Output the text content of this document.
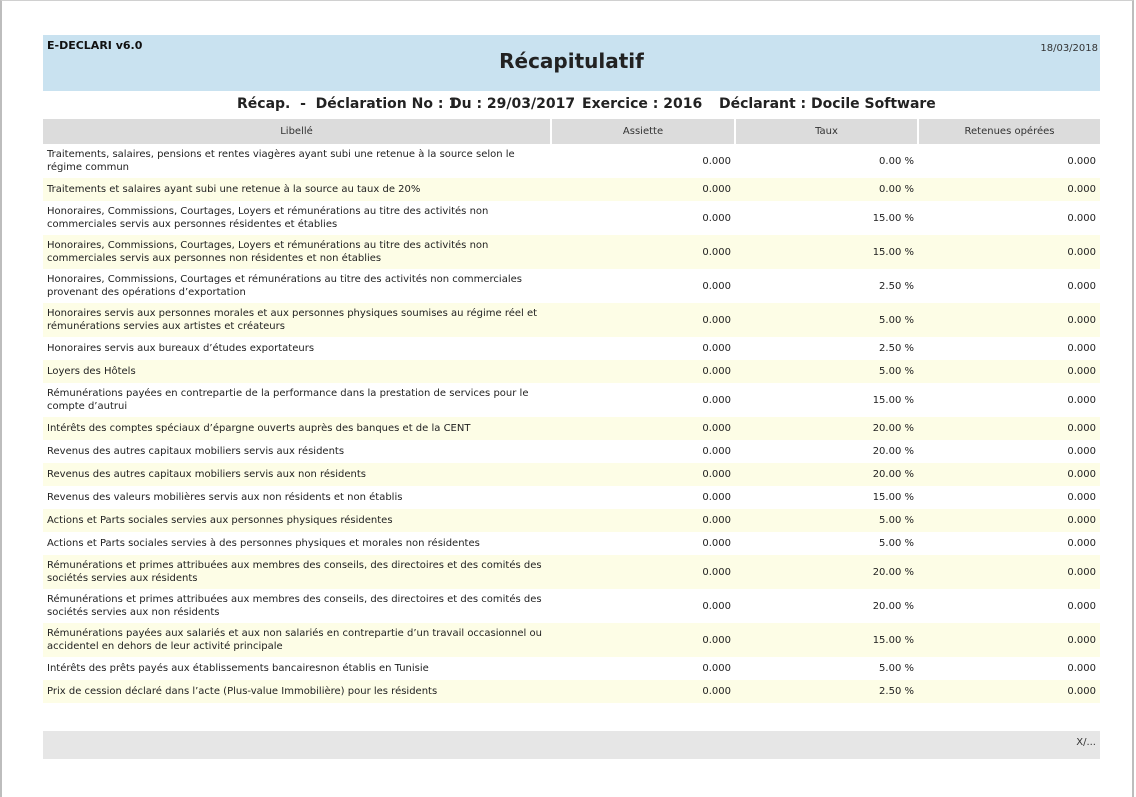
E-DECLARI v6.0	18/03/2018
Récapitulatif
Récap.  -  Déclaration No : 1
Du : 29/03/2017 Exercice : 2016 Déclarant : Docile Software
Libellé	Assiette	Taux	Retenues opérées
Traitements, salaires, pensions et rentes viagères ayant subi une retenue à la source selon le régime commun	0.000	0.00 %	0.000
Traitements et salaires ayant subi une retenue à la source au taux de 20%	0.000	0.00 %	0.000
Honoraires, Commissions, Courtages, Loyers et rémunérations au titre des activités non commerciales servis aux personnes résidentes et établies	0.000	15.00 %	0.000
Honoraires, Commissions, Courtages, Loyers et rémunérations au titre des activités non commerciales servis aux personnes non résidentes et non établies	0.000	15.00 %	0.000
Honoraires, Commissions, Courtages et rémunérations au titre des activités non commerciales provenant des opérations d’exportation	0.000	2.50 %	0.000
Honoraires servis aux personnes morales et aux personnes physiques soumises au régime réel et rémunérations servies aux artistes et créateurs	0.000	5.00 %	0.000
Honoraires servis aux bureaux d’études exportateurs	0.000	2.50 %	0.000
Loyers des Hôtels	0.000	5.00 %	0.000
Rémunérations payées en contrepartie de la performance dans la prestation de services pour le compte d’autrui	0.000	15.00 %	0.000
Intérêts des comptes spéciaux d’épargne ouverts auprès des banques et de la CENT	0.000	20.00 %	0.000
Revenus des autres capitaux mobiliers servis aux résidents	0.000	20.00 %	0.000
Revenus des autres capitaux mobiliers servis aux non résidents	0.000	20.00 %	0.000
Revenus des valeurs mobilières servis aux non résidents et non établis	0.000	15.00 %	0.000
Actions et Parts sociales servies aux personnes physiques résidentes	0.000	5.00 %	0.000
Actions et Parts sociales servies à des personnes physiques et morales non résidentes	0.000	5.00 %	0.000
Rémunérations et primes attribuées aux membres des conseils, des directoires et des comités des sociétés servies aux résidents	0.000	20.00 %	0.000
Rémunérations et primes attribuées aux membres des conseils, des directoires et des comités des sociétés servies aux non résidents	0.000	20.00 %	0.000
Rémunérations payées aux salariés et aux non salariés en contrepartie d’un travail occasionnel ou accidentel en dehors de leur activité principale	0.000	15.00 %	0.000
Intérêts des prêts payés aux établissements bancairesnon établis en Tunisie	0.000	5.00 %	0.000
Prix de cession déclaré dans l’acte (Plus-value Immobilière) pour les résidents	0.000	2.50 %	0.000
X/...
